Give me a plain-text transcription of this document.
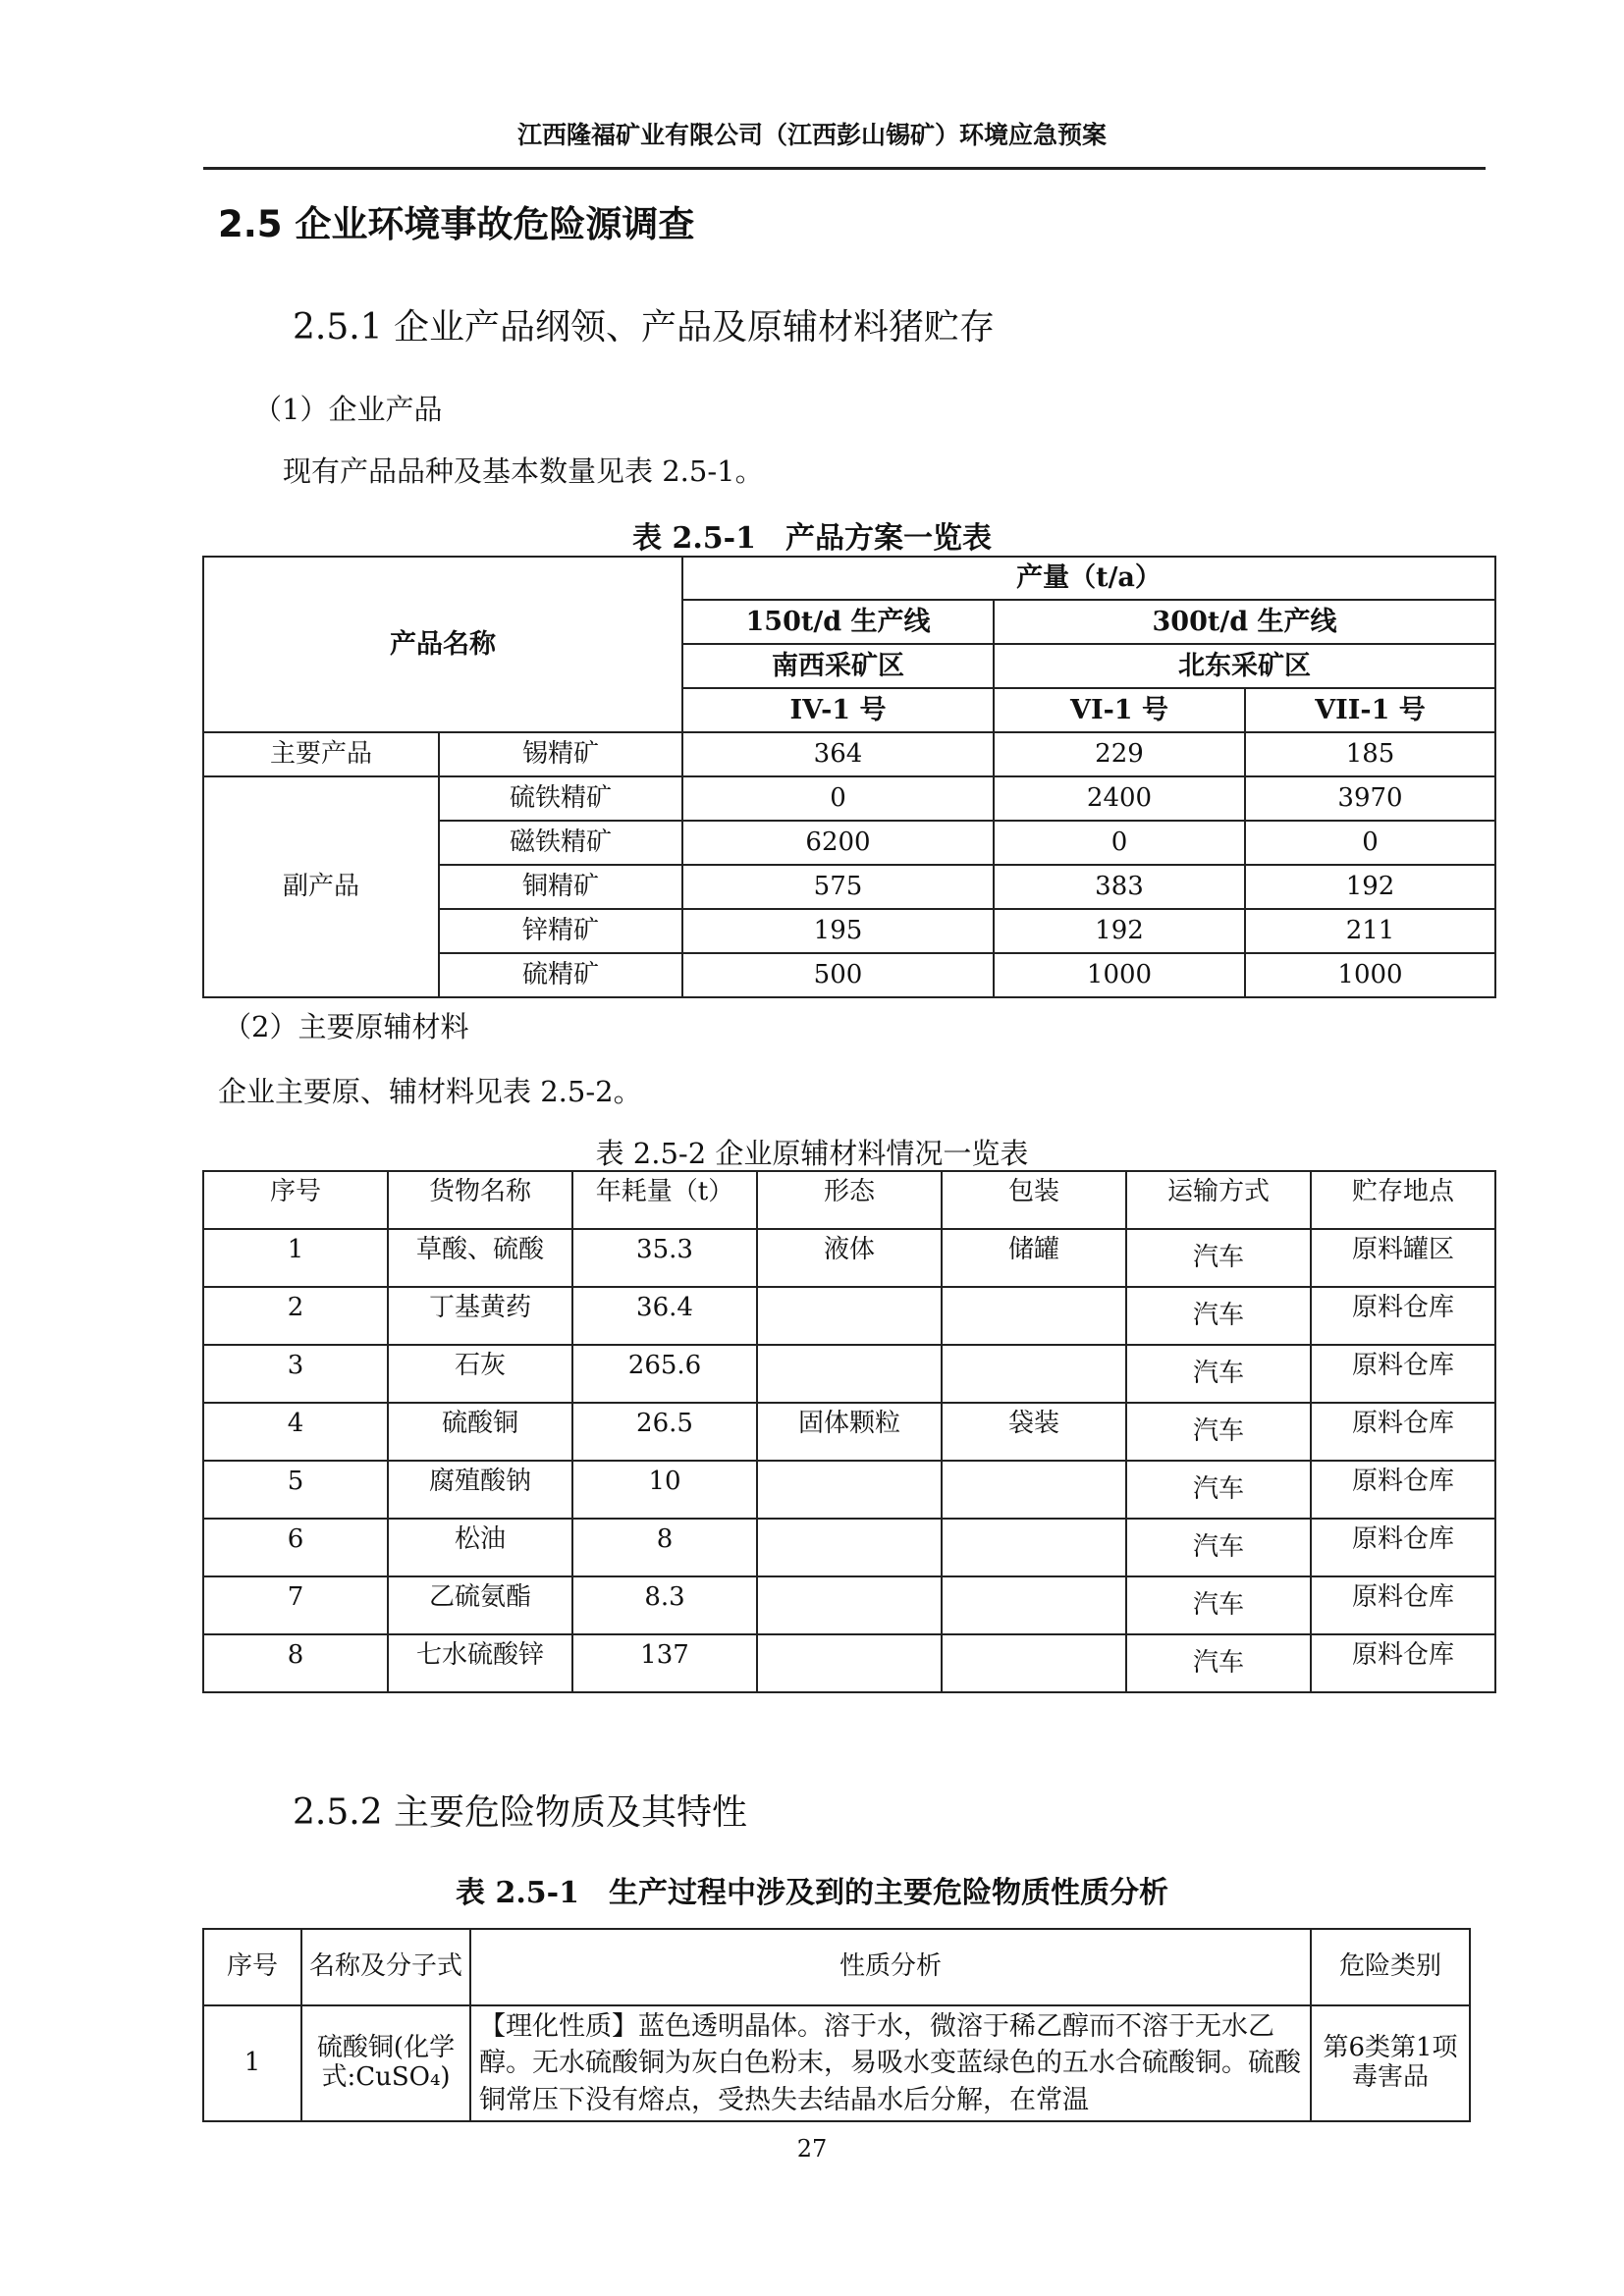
江西隆福矿业有限公司（江西彭山锡矿）环境应急预案
2.5 企业环境事故危险源调查
2.5.1 企业产品纲领、产品及原辅材料猪贮存
（1）企业产品
现有产品品种及基本数量见表 2.5-1。
表 2.5-1　产品方案一览表
产品名称		产量（t/a）		
		150t/d 生产线	300t/d 生产线	
		南西采矿区	北东采矿区	
		IV-1 号	VI-1 号	VII-1 号
主要产品	锡精矿	364	229	185
副产品	硫铁精矿	0	2400	3970
	磁铁精矿	6200	0	0
	铜精矿	575	383	192
	锌精矿	195	192	211
	硫精矿	500	1000	1000
（2）主要原辅材料
企业主要原、辅材料见表 2.5-2。
表 2.5-2 企业原辅材料情况一览表
序号	货物名称	年耗量（t）	形态	包装	运输方式	贮存地点
1	草酸、硫酸	35.3	液体	储罐	汽车	原料罐区
2	丁基黄药	36.4			汽车	原料仓库
3	石灰	265.6			汽车	原料仓库
4	硫酸铜	26.5	固体颗粒	袋装	汽车	原料仓库
5	腐殖酸钠	10			汽车	原料仓库
6	松油	8			汽车	原料仓库
7	乙硫氨酯	8.3			汽车	原料仓库
8	七水硫酸锌	137			汽车	原料仓库
2.5.2 主要危险物质及其特性
表 2.5-1　生产过程中涉及到的主要危险物质性质分析
序号	名称及分子式	性质分析	危险类别
1	硫酸铜(化学式:CuSO₄)	【理化性质】蓝色透明晶体。溶于水，微溶于稀乙醇而不溶于无水乙醇。无水硫酸铜为灰白色粉末，易吸水变蓝绿色的五水合硫酸铜。硫酸铜常压下没有熔点，受热失去结晶水后分解，在常温	第6类第1项毒害品
27
